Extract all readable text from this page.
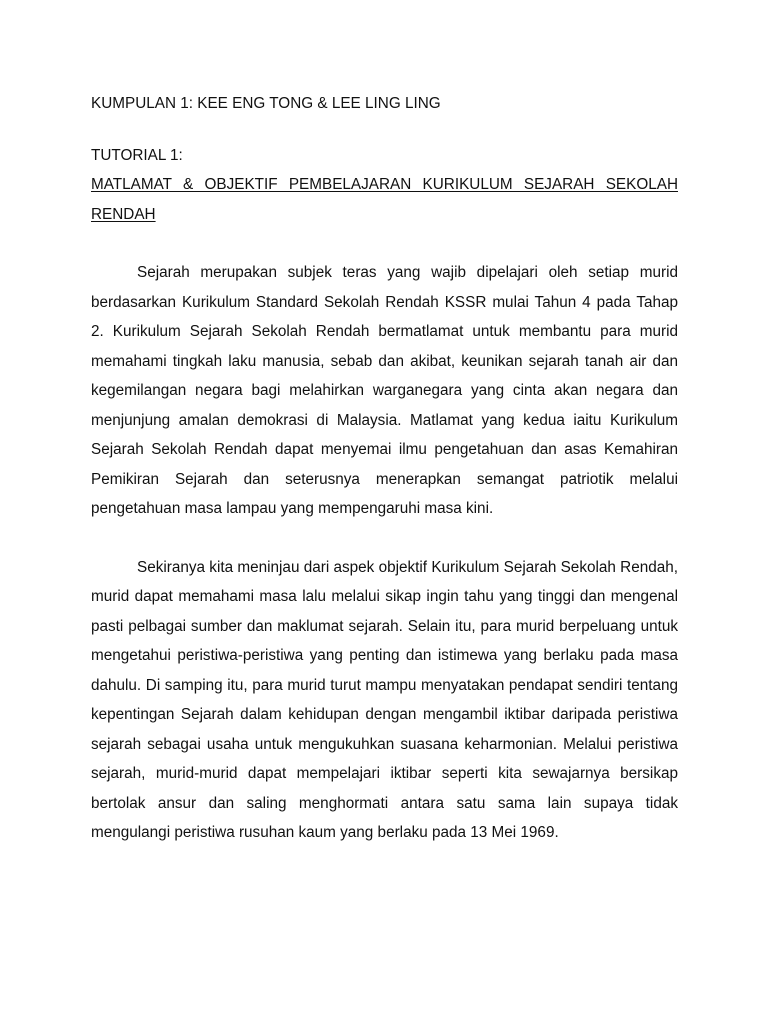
KUMPULAN 1: KEE ENG TONG & LEE LING LING
TUTORIAL 1:
MATLAMAT & OBJEKTIF PEMBELAJARAN KURIKULUM SEJARAH SEKOLAH RENDAH

Sejarah merupakan subjek teras yang wajib dipelajari oleh setiap murid berdasarkan Kurikulum Standard Sekolah Rendah KSSR mulai Tahun 4 pada Tahap 2. Kurikulum Sejarah Sekolah Rendah bermatlamat untuk membantu para murid memahami tingkah laku manusia, sebab dan akibat, keunikan sejarah tanah air dan kegemilangan negara bagi melahirkan warganegara yang cinta akan negara dan menjunjung amalan demokrasi di Malaysia. Matlamat yang kedua iaitu Kurikulum Sejarah Sekolah Rendah dapat menyemai ilmu pengetahuan dan asas Kemahiran Pemikiran Sejarah dan seterusnya menerapkan semangat patriotik melalui pengetahuan masa lampau yang mempengaruhi masa kini.

Sekiranya kita meninjau dari aspek objektif Kurikulum Sejarah Sekolah Rendah, murid dapat memahami masa lalu melalui sikap ingin tahu yang tinggi dan mengenal pasti pelbagai sumber dan maklumat sejarah. Selain itu, para murid berpeluang untuk mengetahui peristiwa-peristiwa yang penting dan istimewa yang berlaku pada masa dahulu. Di samping itu, para murid turut mampu menyatakan pendapat sendiri tentang kepentingan Sejarah dalam kehidupan dengan mengambil iktibar daripada peristiwa sejarah sebagai usaha untuk mengukuhkan suasana keharmonian. Melalui peristiwa sejarah, murid-murid dapat mempelajari iktibar seperti kita sewajarnya bersikap bertolak ansur dan saling menghormati antara satu sama lain supaya tidak mengulangi peristiwa rusuhan kaum yang berlaku pada 13 Mei 1969.
